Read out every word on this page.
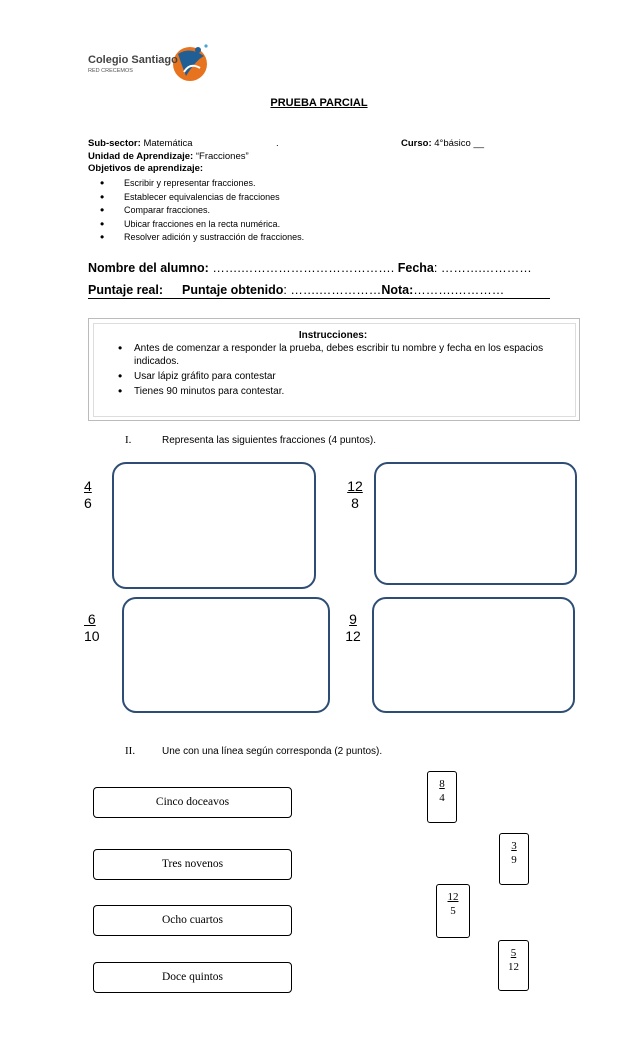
Colegio Santiago
RED CRECEMOS
PRUEBA PARCIAL
Sub-sector: Matemática	.	Curso: 4°básico __
Unidad de Aprendizaje: “Fracciones”
Objetivos de aprendizaje:
• Escribir y representar fracciones.
• Establecer equivalencias de fracciones
• Comparar fracciones.
• Ubicar fracciones en la recta numérica.
• Resolver adición y sustracción de fracciones.
Nombre del alumno: …….………………………………. Fecha: ……….…………
Puntaje real: Puntaje obtenido: …….……………Nota:……….…………
Instrucciones:
• Antes de comenzar a responder la prueba, debes escribir tu nombre y fecha en los espacios indicados.
• Usar lápiz gráfito para contestar
• Tienes 90 minutos para contestar.
I.	Representa las siguientes fracciones (4 puntos).
4
6
12
8
6
10
9
12
II.	Une con una línea según corresponda (2 puntos).
Cinco doceavos
Tres novenos
Ocho cuartos
Doce quintos
8
4
3
9
12
5
5
12
